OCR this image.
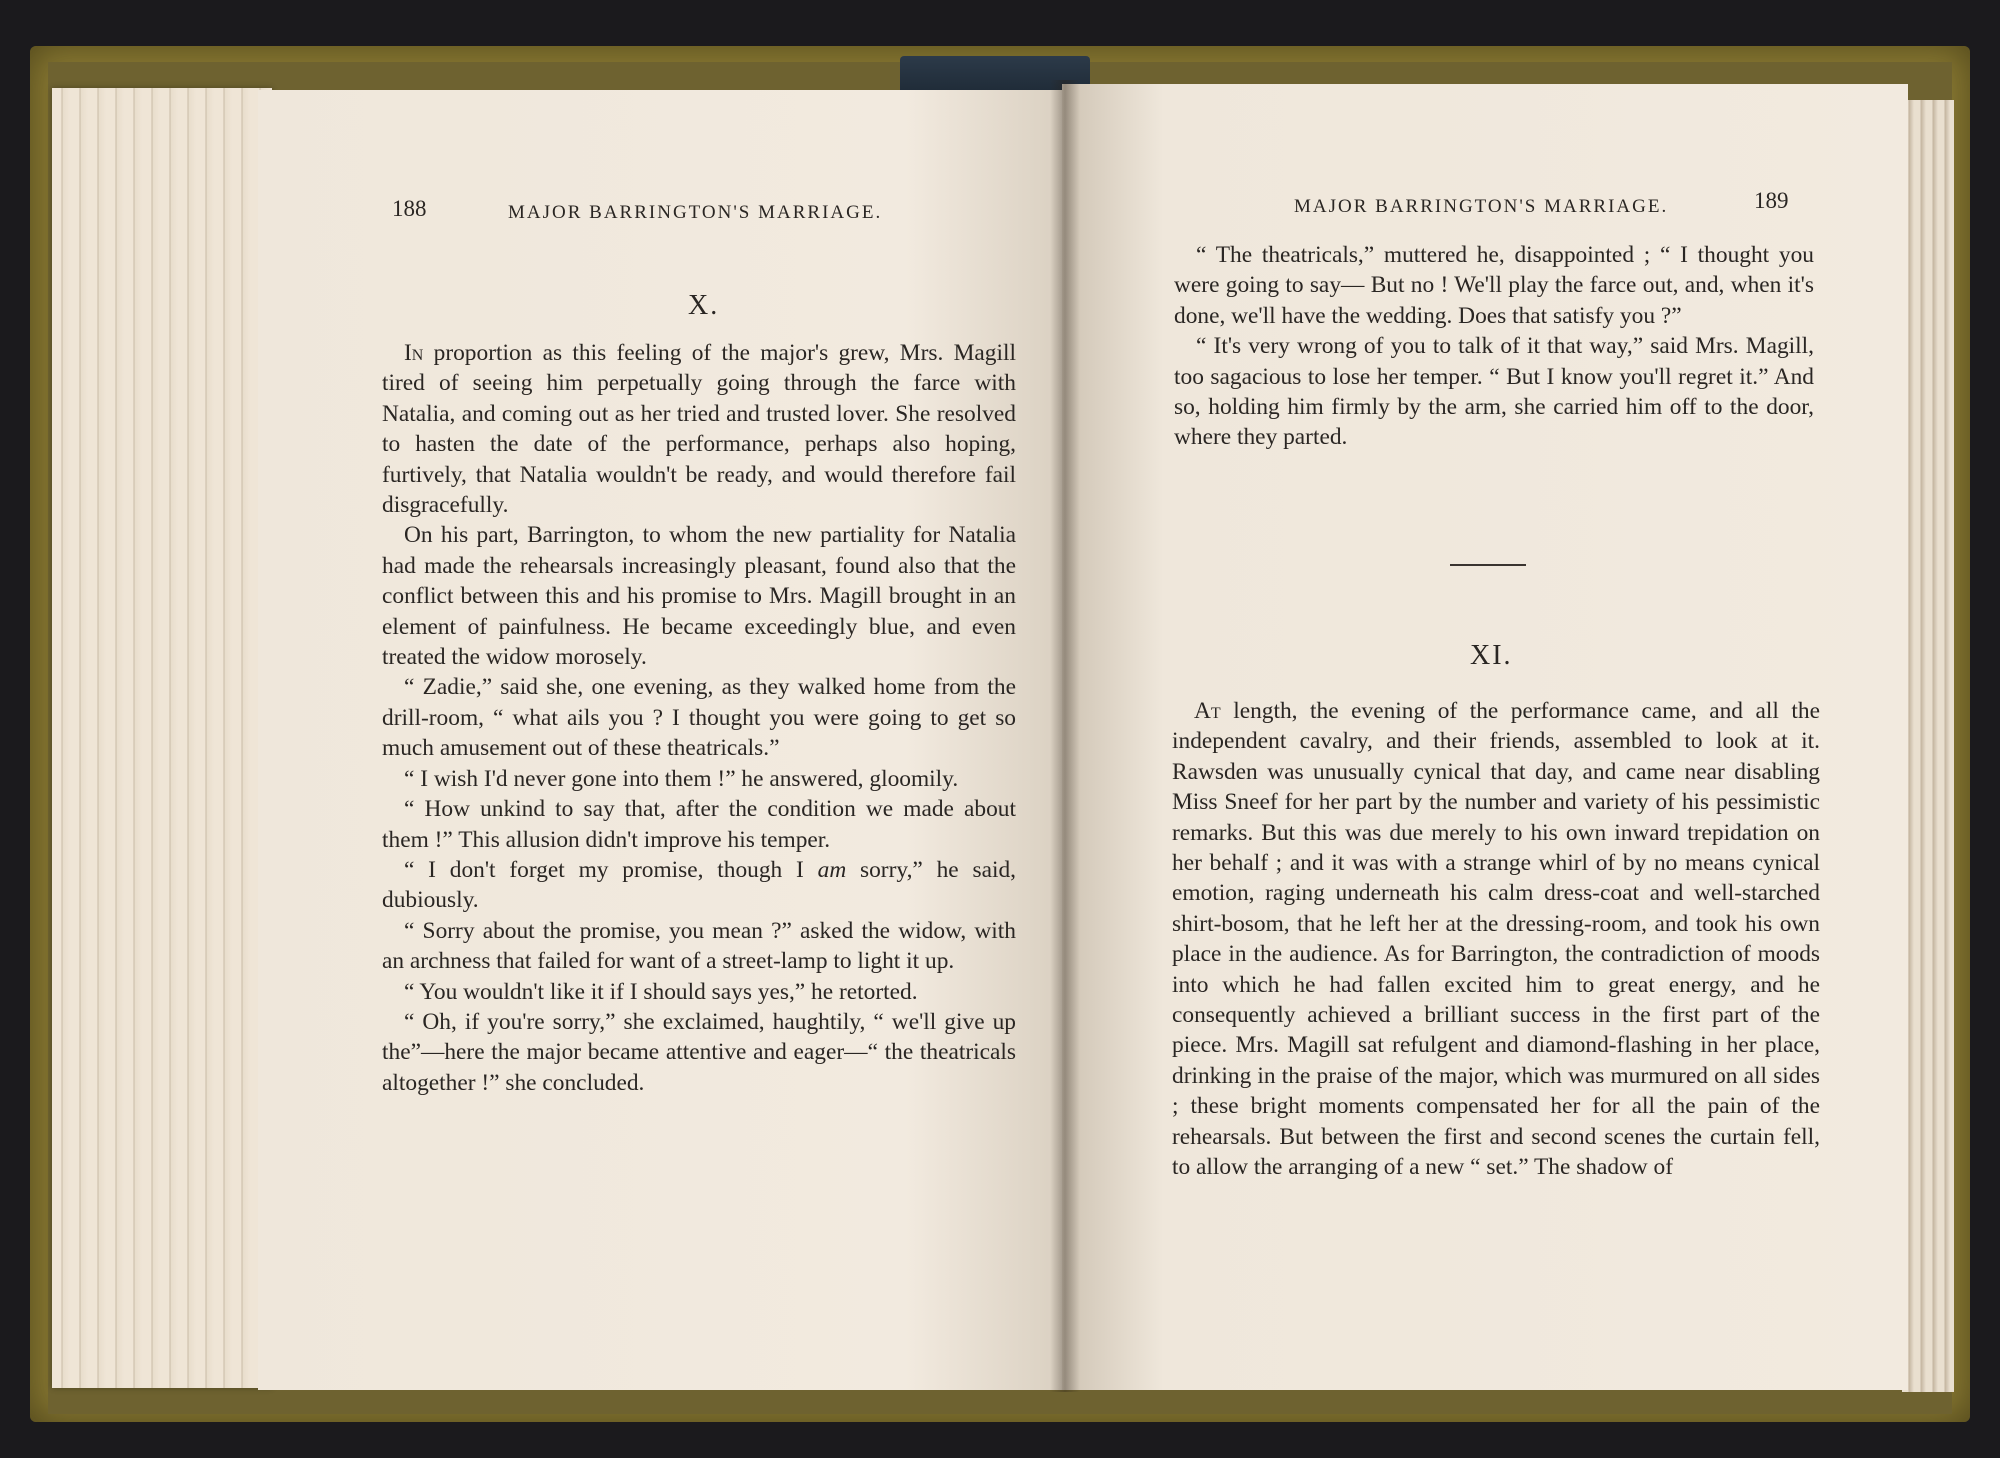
188	MAJOR BARRINGTON'S MARRIAGE.
X.

In proportion as this feeling of the major's grew, Mrs. Magill tired of seeing him perpetually going through the farce with Natalia, and coming out as her tried and trusted lover. She resolved to hasten the date of the performance, perhaps also hoping, furtively, that Natalia wouldn't be ready, and would therefore fail disgracefully.

On his part, Barrington, to whom the new partiality for Natalia had made the rehearsals increasingly pleasant, found also that the conflict between this and his promise to Mrs. Magill brought in an element of painfulness. He became exceedingly blue, and even treated the widow morosely.

“ Zadie,” said she, one evening, as they walked home from the drill-room, “ what ails you ? I thought you were going to get so much amusement out of these theatricals.”

“ I wish I'd never gone into them !” he answered, gloomily.

“ How unkind to say that, after the condition we made about them !” This allusion didn't improve his temper.

“ I don't forget my promise, though I am sorry,” he said, dubiously.

“ Sorry about the promise, you mean ?” asked the widow, with an archness that failed for want of a street-lamp to light it up.

“ You wouldn't like it if I should says yes,” he retorted.

“ Oh, if you're sorry,” she exclaimed, haughtily, “ we'll give up the”—here the major became attentive and eager—“ the theatricals altogether !” she concluded.

MAJOR BARRINGTON'S MARRIAGE.	189

“ The theatricals,” muttered he, disappointed ; “ I thought you were going to say— But no ! We'll play the farce out, and, when it's done, we'll have the wedding. Does that satisfy you ?”

“ It's very wrong of you to talk of it that way,” said Mrs. Magill, too sagacious to lose her temper. “ But I know you'll regret it.” And so, holding him firmly by the arm, she carried him off to the door, where they parted.

XI.

At length, the evening of the performance came, and all the independent cavalry, and their friends, assembled to look at it. Rawsden was unusually cynical that day, and came near disabling Miss Sneef for her part by the number and variety of his pessimistic remarks. But this was due merely to his own inward trepidation on her behalf ; and it was with a strange whirl of by no means cynical emotion, raging underneath his calm dress-coat and well-starched shirt-bosom, that he left her at the dressing-room, and took his own place in the audience. As for Barrington, the contradiction of moods into which he had fallen excited him to great energy, and he consequently achieved a brilliant success in the first part of the piece. Mrs. Magill sat refulgent and diamond-flashing in her place, drinking in the praise of the major, which was murmured on all sides ; these bright moments compensated her for all the pain of the rehearsals. But between the first and second scenes the curtain fell, to allow the arranging of a new “ set.” The shadow of
